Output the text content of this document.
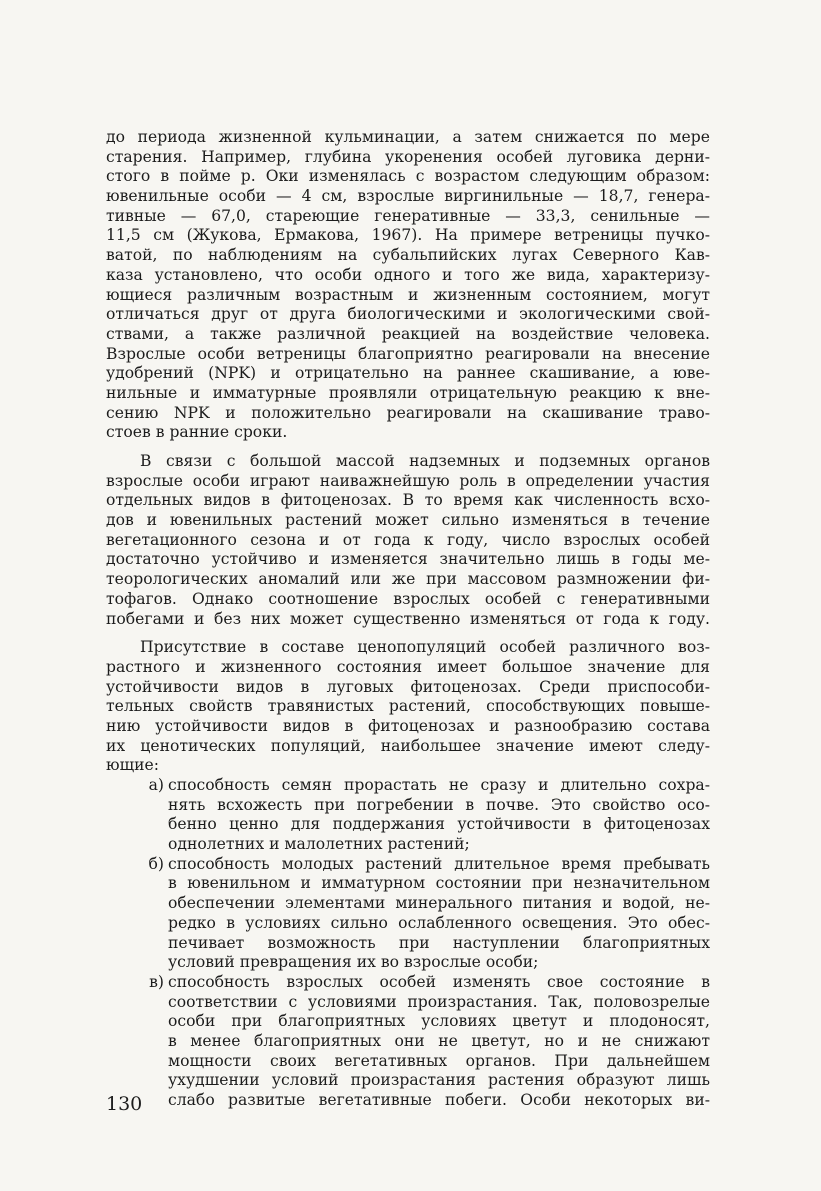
до периода жизненной кульминации, а затем снижается по мере
старения. Например, глубина укоренения особей луговика дерни-
стого в пойме р. Оки изменялась с возрастом следующим образом:
ювенильные особи — 4 см, взрослые виргинильные — 18,7, генера-
тивные — 67,0, стареющие генеративные — 33,3, сенильные —
11,5 см (Жукова, Ермакова, 1967). На примере ветреницы пучко-
ватой, по наблюдениям на субальпийских лугах Северного Кав-
каза установлено, что особи одного и того же вида, характеризу-
ющиеся различным возрастным и жизненным состоянием, могут
отличаться друг от друга биологическими и экологическими свой-
ствами, а также различной реакцией на воздействие человека.
Взрослые особи ветреницы благоприятно реагировали на внесение
удобрений (NPK) и отрицательно на раннее скашивание, а юве-
нильные и имматурные проявляли отрицательную реакцию к вне-
сению NPK и положительно реагировали на скашивание траво-
стоев в ранние сроки.
В связи с большой массой надземных и подземных органов
взрослые особи играют наиважнейшую роль в определении участия
отдельных видов в фитоценозах. В то время как численность всхо-
дов и ювенильных растений может сильно изменяться в течение
вегетационного сезона и от года к году, число взрослых особей
достаточно устойчиво и изменяется значительно лишь в годы ме-
теорологических аномалий или же при массовом размножении фи-
тофагов. Однако соотношение взрослых особей с генеративными
побегами и без них может существенно изменяться от года к году.
Присутствие в составе ценопопуляций особей различного воз-
растного и жизненного состояния имеет большое значение для
устойчивости видов в луговых фитоценозах. Среди приспособи-
тельных свойств травянистых растений, способствующих повыше-
нию устойчивости видов в фитоценозах и разнообразию состава
их ценотических популяций, наибольшее значение имеют следу-
ющие:
а) способность семян прорастать не сразу и длительно сохра-
нять всхожесть при погребении в почве. Это свойство осо-
бенно ценно для поддержания устойчивости в фитоценозах
однолетних и малолетних растений;
б) способность молодых растений длительное время пребывать
в ювенильном и имматурном состоянии при незначительном
обеспечении элементами минерального питания и водой, не-
редко в условиях сильно ослабленного освещения. Это обес-
печивает возможность при наступлении благоприятных
условий превращения их во взрослые особи;
в) способность взрослых особей изменять свое состояние в
соответствии с условиями произрастания. Так, половозрелые
особи при благоприятных условиях цветут и плодоносят,
в менее благоприятных они не цветут, но и не снижают
мощности своих вегетативных органов. При дальнейшем
ухудшении условий произрастания растения образуют лишь
слабо развитые вегетативные побеги. Особи некоторых ви-
130
